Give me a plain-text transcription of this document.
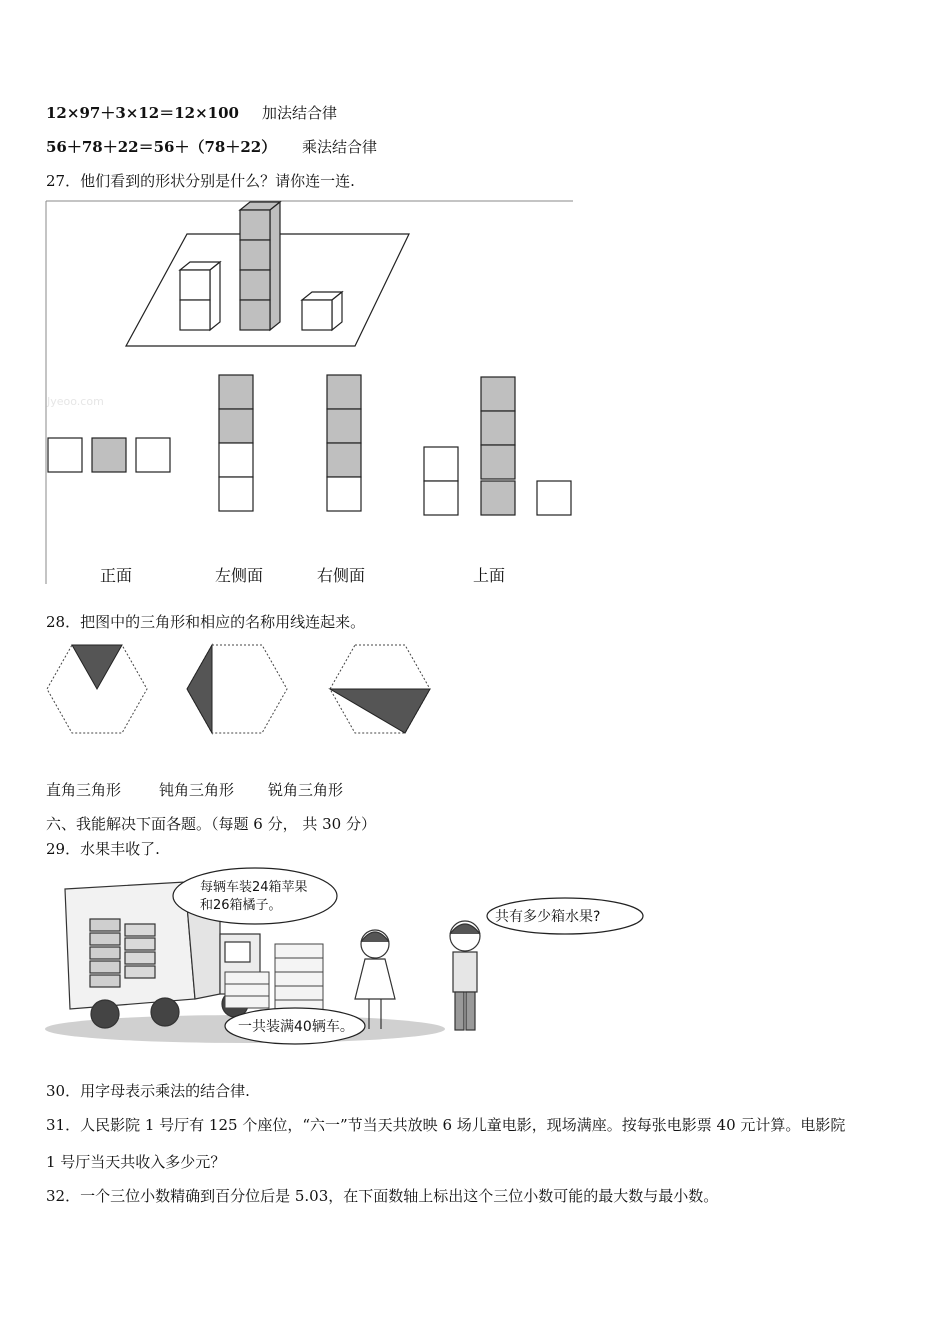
12×97＋3×12＝12×100 加法结合律
56＋78＋22＝56＋（78＋22） 乘法结合律
27．他们看到的形状分别是什么？请你连一连.
Jyeoo.com
正面	左侧面	右侧面	上面
28．把图中的三角形和相应的名称用线连起来。
直角三角形	钝角三角形 锐角三角形
六、我能解决下面各题。（每题 6 分， 共 30 分）
29．水果丰收了.
每辆车装24箱苹果
和26箱橘子。
共有多少箱水果?
一共装满40辆车。
30．用字母表示乘法的结合律.
31．人民影院 1 号厅有 125 个座位，“六一”节当天共放映 6 场儿童电影，现场满座。按每张电影票 40 元计算。电影院
1 号厅当天共收入多少元？
32．一个三位小数精确到百分位后是 5.03，在下面数轴上标出这个三位小数可能的最大数与最小数。
